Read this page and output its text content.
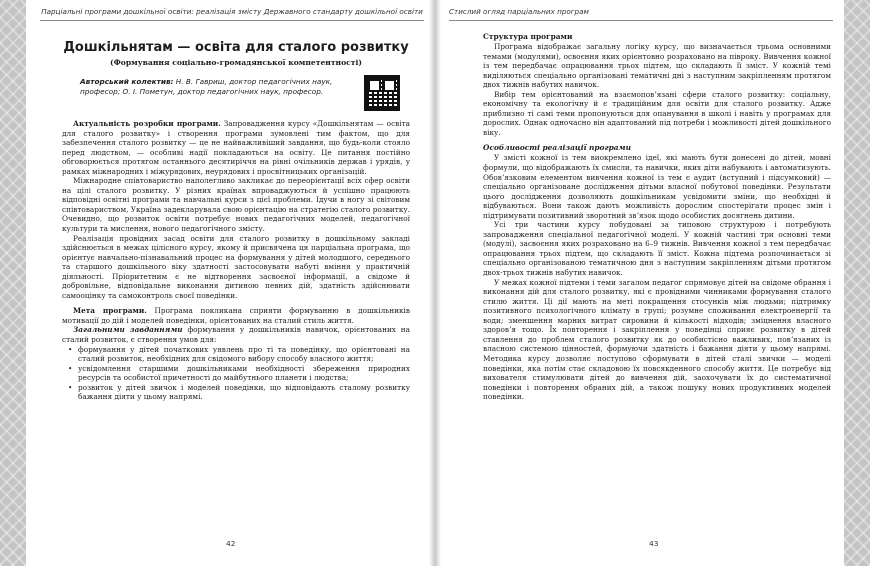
Парціальні програми дошкільної освіти: реалізація змісту Державного стандарту дошкільної освіти
Дошкільнятам — освіта для сталого розвитку
(Формування соціально-громадянської компетентності)
Авторський колектив: Н. В. Гавриш, доктор педагогічних наук, професор; О. І. Пометун, доктор педагогічних наук, професор.

Актуальність розробки програми. Запровадження курсу «Дошкільнятам — освіта для сталого розвитку» і створення програми зумовлені тим фактом, що для забезпечення сталого розвитку — це не найважливіший завдання, що будь-коли стояло перед людством, — особливі надії покладаються на освіту. Це питання постійно обговорюється протягом останнього десятиріччя на рівні очільників держав і урядів, у рамках міжнародних і міжурядових, неурядових і просвітницьких організацій.

Міжнародне співтовариство наполегливо закликає до переорієнтації всіх сфер освіти на цілі сталого розвитку. У різних країнах впроваджуються й успішно працюють відповідні освітні програми та навчальні курси з цієї проблеми. Ідучи в ногу зі світовим співтовариством, Україна задекларувала свою орієнтацію на стратегію сталого розвитку. Очевидно, що розвиток освіти потребує нових педагогічних моделей, педагогічної культури та мислення, нового педагогічного змісту.

Реалізація провідних засад освіти для сталого розвитку в дошкільному закладі здійснюється в межах цілісного курсу, якому й присвячена ця парціальна програма, що орієнтує навчально-пізнавальний процес на формування у дітей молодшого, середнього та старшого дошкільного віку здатності застосовувати набуті вміння у практичній діяльності. Пріоритетним є не відтворення засвоєної інформації, а свідоме й добровільне, відповідальне виконання дитиною певних дій, здатність здійснювати самооцінку та самоконтроль своєї поведінки.

Мета програми. Програма покликана сприяти формуванню в дошкільників мотивації до дій і моделей поведінки, орієнтованих на сталий стиль життя.

Загальними завданнями формування у дошкільників навичок, орієнтованих на сталий розвиток, є створення умов для:

• формування у дітей початкових уявлень про ті та поведінку, що орієнтовані на сталий розвиток, необхідних для свідомого вибору способу власного життя;
• усвідомлення старшими дошкільниками необхідності збереження природних ресурсів та особистої причетності до майбутнього планети і людства;
• розвиток у дітей звичок і моделей поведінки, що відповідають сталому розвитку бажання діяти у цьому напрямі.
42
Стислий огляд парціальних програм
Структура програми

Програма відображає загальну логіку курсу, що визначається трьома основними темами (модулями), освоєння яких орієнтовно розраховано на півроку. Вивчення кожної із тем передбачає опрацювання трьох підтем, що складають її зміст. У кожній темі виділяються спеціально організовані тематичні дні з наступним закріпленням протягом двох тижнів набутих навичок.

Вибір тем орієнтований на взаємоповʼязані сфери сталого розвитку: соціальну, економічну та екологічну й є традиційним для освіти для сталого розвитку. Адже приблизно ті самі теми пропонуються для опанування в школі і навіть у програмах для дорослих. Однак одночасно він адаптований під потреби і можливості дітей дошкільного віку.

Особливості реалізації програми

У змісті кожної із тем виокремлено ідеї, які мають бути донесені до дітей, мовні формули, що відображають їх смисли, та навички, яких діти набувають і автоматизують. Обовʼязковим елементом вивчення кожної із тем є аудит (вступний і підсумковий) — спеціально організоване дослідження дітьми власної побутової поведінки. Результати цього дослідження дозволяють дошкільникам усвідомити зміни, що необхідні й відбуваються. Вони також дають можливість дорослим спостерігати процес змін і підтримувати позитивний зворотний звʼязок щодо особистих досягнень дитини.

Усі три частини курсу побудовані за типовою структурою і потребують запровадження спеціальної педагогічної моделі. У кожній частині три основні теми (модулі), засвоєння яких розраховано на 6–9 тижнів. Вивчення кожної з тем передбачає опрацювання трьох підтем, що складають її зміст. Кожна підтема розпочинається зі спеціально організованою тематичною дня з наступним закріпленням дітьми протягом двох-трьох тижнів набутих навичок.

У межах кожної підтеми і теми загалом педагог спрямовує дітей на свідоме обрання і виконання дій для сталого розвитку, які є провідними чинниками формування сталого стилю життя. Ці дії мають на меті покращення стосунків між людьми; підтримку позитивного психологічного клімату в групі; розумне споживання електроенергії та води; зменшення марних витрат сировини й кількості відходів; зміцнення власного здоровʼя тощо. Їх повторення і закріплення у поведінці сприяє розвитку в дітей ставлення до проблем сталого розвитку як до особистісно важливих, повʼязаних із власною системою цінностей, формуючи здатність і бажання діяти у цьому напрямі. Методика курсу дозволяє поступово сформувати в дітей сталі звички — моделі поведінки, яка потім стає складовою їх повсякденного способу життя. Це потребує від вихователя стимулювати дітей до вивчення дій, заохочувати їх до систематичної поведінки і повторення обраних дій, а також пошуку нових продуктивних моделей поведінки.

43
